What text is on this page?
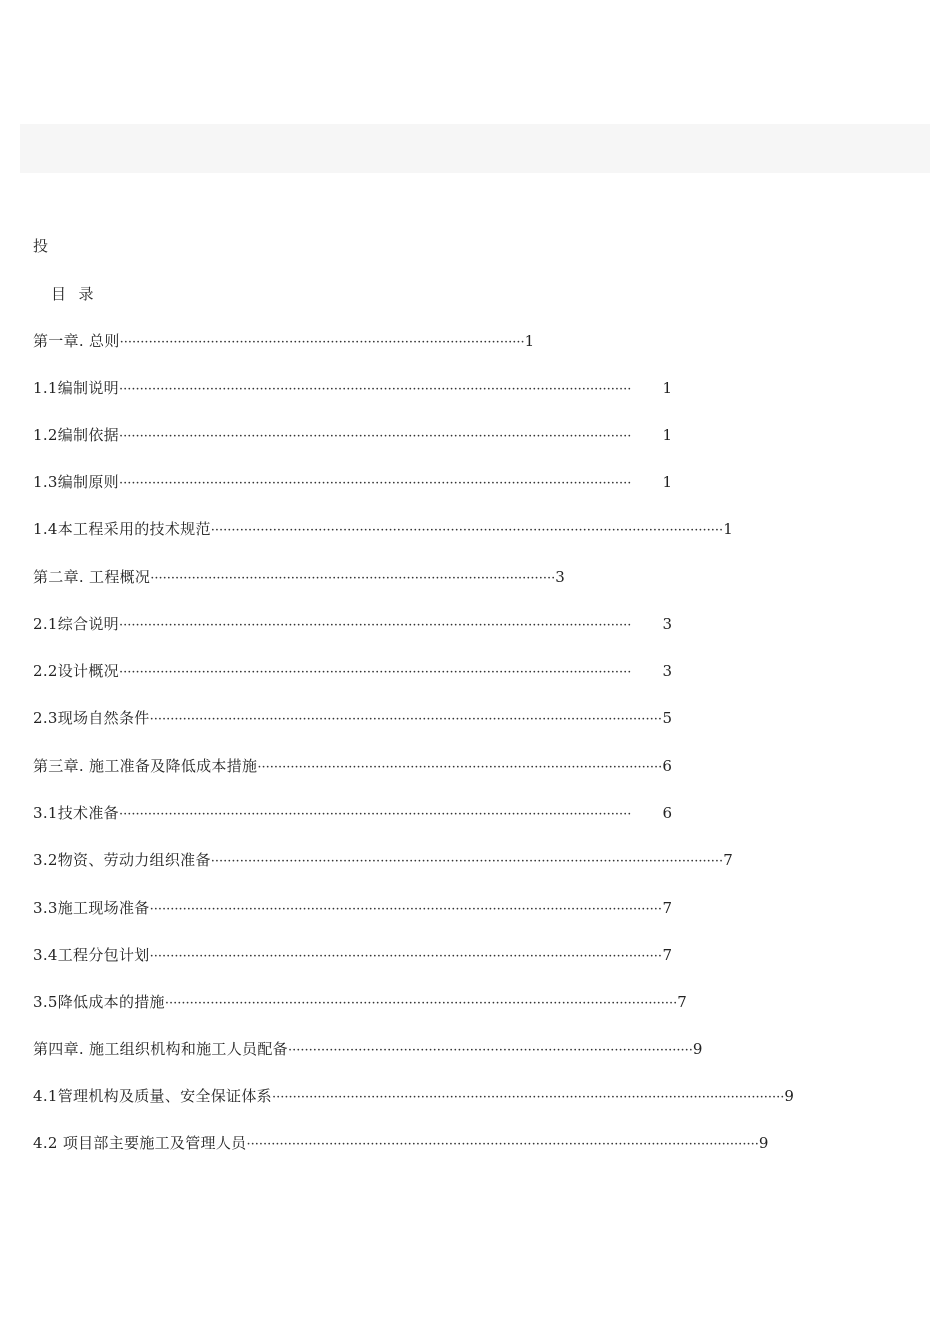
投
目 录
第一章. 总则 ·································································································· 1
1.1编制说明 ····························································································································	1
1.2编制依据 ····························································································································	1
1.3编制原则 ····························································································································	1
1.4本工程采用的技术规范 ···························································································································· 1
第二章. 工程概况 ·································································································· 3
2.1综合说明 ····························································································································	3
2.2设计概况 ····························································································································	3
2.3现场自然条件 ···························································································································· 5
第三章. 施工准备及降低成本措施 ·································································································· 6
3.1技术准备 ····························································································································	6
3.2物资、劳动力组织准备 ···························································································································· 7
3.3施工现场准备 ···························································································································· 7
3.4工程分包计划 ···························································································································· 7
3.5降低成本的措施 ···························································································································· 7
第四章. 施工组织机构和施工人员配备 ·································································································· 9
4.1管理机构及质量、安全保证体系 ···························································································································· 9
4.2 项目部主要施工及管理人员 ···························································································································· 9
